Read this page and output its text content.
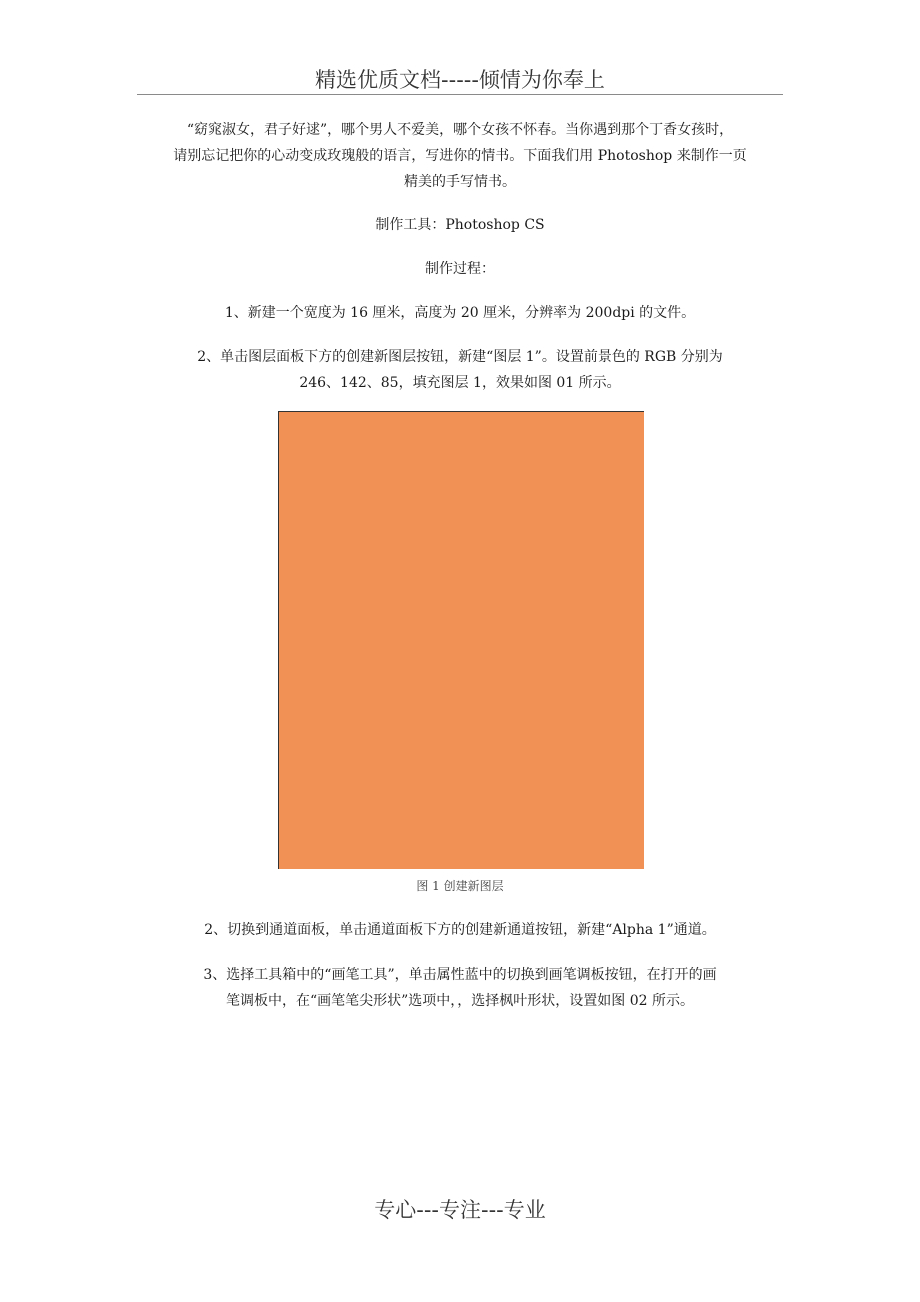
精选优质文档-----倾情为你奉上
“窈窕淑女，君子好逑”，哪个男人不爱美，哪个女孩不怀春。当你遇到那个丁香女孩时，
请别忘记把你的心动变成玫瑰般的语言，写进你的情书。下面我们用 Photoshop 来制作一页
精美的手写情书。
制作工具：Photoshop CS
制作过程：
1、新建一个宽度为 16 厘米，高度为 20 厘米，分辨率为 200dpi 的文件。
2、单击图层面板下方的创建新图层按钮，新建“图层 1”。设置前景色的 RGB 分别为
246、142、85，填充图层 1，效果如图 01 所示。
图 1 创建新图层
2、切换到通道面板，单击通道面板下方的创建新通道按钮，新建“Alpha 1”通道。
3、选择工具箱中的“画笔工具”，单击属性蓝中的切换到画笔调板按钮，在打开的画
笔调板中，在“画笔笔尖形状”选项中，，选择枫叶形状，设置如图 02 所示。
专心---专注---专业
